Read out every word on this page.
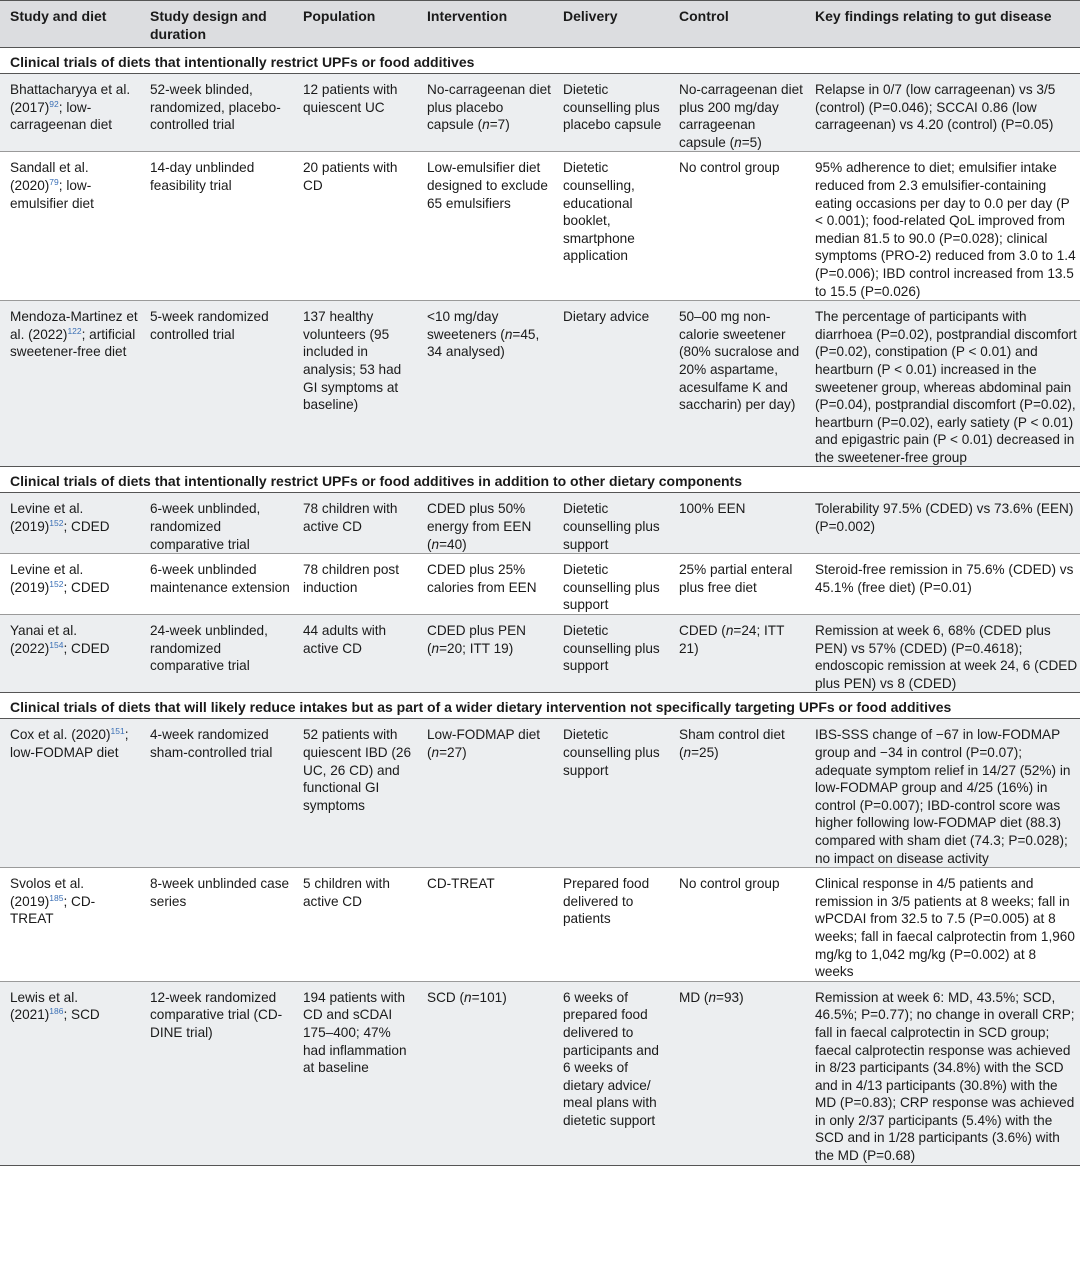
Study and diet	Study design and duration	Population	Intervention	Delivery	Control	Key findings relating to gut disease
Clinical trials of diets that intentionally restrict UPFs or food additives						
Bhattacharyya et al. (2017)$^{92}$; low-carrageenan diet	52-week blinded, randomized, placebo-controlled trial	12 patients with quiescent UC	No-carrageenan diet plus placebo capsule (n=7)	Dietetic counselling plus placebo capsule	No-carrageenan diet plus 200 mg/day carrageenan capsule (n=5)	Relapse in 0/7 (low carrageenan) vs 3/5 (control) (P=0.046); SCCAI 0.86 (low carrageenan) vs 4.20 (control) (P=0.05)
Sandall et al. (2020)$^{79}$; low-emulsifier diet	14-day unblinded feasibility trial	20 patients with CD	Low-emulsifier diet designed to exclude 65 emulsifiers	Dietetic counselling, educational booklet, smartphone application	No control group	95% adherence to diet; emulsifier intake reduced from 2.3 emulsifier-containing eating occasions per day to 0.0 per day (P < 0.001); food-related QoL improved from median 81.5 to 90.0 (P=0.028); clinical symptoms (PRO-2) reduced from 3.0 to 1.4 (P=0.006); IBD control increased from 13.5 to 15.5 (P=0.026)
Mendoza-Martinez et al. (2022)$^{122}$; artificial sweetener-free diet	5-week randomized controlled trial	137 healthy volunteers (95 included in analysis; 53 had GI symptoms at baseline)	<10 mg/day sweeteners (n=45, 34 analysed)	Dietary advice	50–00 mg non-calorie sweetener (80% sucralose and 20% aspartame, acesulfame K and saccharin) per day)	The percentage of participants with diarrhoea (P=0.02), postprandial discomfort (P=0.02), constipation (P < 0.01) and heartburn (P < 0.01) increased in the sweetener group, whereas abdominal pain (P=0.04), postprandial discomfort (P=0.02), heartburn (P=0.02), early satiety (P < 0.01) and epigastric pain (P < 0.01) decreased in the sweetener-free group
Clinical trials of diets that intentionally restrict UPFs or food additives in addition to other dietary components						
Levine et al. (2019)$^{152}$; CDED	6-week unblinded, randomized comparative trial	78 children with active CD	CDED plus 50% energy from EEN (n=40)	Dietetic counselling plus support	100% EEN	Tolerability 97.5% (CDED) vs 73.6% (EEN) (P=0.002)
Levine et al. (2019)$^{152}$; CDED	6-week unblinded maintenance extension	78 children post induction	CDED plus 25% calories from EEN	Dietetic counselling plus support	25% partial enteral plus free diet	Steroid-free remission in 75.6% (CDED) vs 45.1% (free diet) (P=0.01)
Yanai et al. (2022)$^{154}$; CDED	24-week unblinded, randomized comparative trial	44 adults with active CD	CDED plus PEN (n=20; ITT 19)	Dietetic counselling plus support	CDED (n=24; ITT 21)	Remission at week 6, 68% (CDED plus PEN) vs 57% (CDED) (P=0.4618); endoscopic remission at week 24, 6 (CDED plus PEN) vs 8 (CDED)
Clinical trials of diets that will likely reduce intakes but as part of a wider dietary intervention not specifically targeting UPFs or food additives						
Cox et al. (2020)$^{151}$; low-FODMAP diet	4-week randomized sham-controlled trial	52 patients with quiescent IBD (26 UC, 26 CD) and functional GI symptoms	Low-FODMAP diet (n=27)	Dietetic counselling plus support	Sham control diet (n=25)	IBS-SSS change of −67 in low-FODMAP group and −34 in control (P=0.07); adequate symptom relief in 14/27 (52%) in low-FODMAP group and 4/25 (16%) in control (P=0.007); IBD-control score was higher following low-FODMAP diet (88.3) compared with sham diet (74.3; P=0.028); no impact on disease activity
Svolos et al. (2019)$^{185}$; CD-TREAT	8-week unblinded case series	5 children with active CD	CD-TREAT	Prepared food delivered to patients	No control group	Clinical response in 4/5 patients and remission in 3/5 patients at 8 weeks; fall in wPCDAI from 32.5 to 7.5 (P=0.005) at 8 weeks; fall in faecal calprotectin from 1,960 mg/kg to 1,042 mg/kg (P=0.002) at 8 weeks
Lewis et al. (2021)$^{186}$; SCD	12-week randomized comparative trial (CD-DINE trial)	194 patients with CD and sCDAI 175–400; 47% had inflammation at baseline	SCD (n=101)	6 weeks of prepared food delivered to participants and 6 weeks of dietary advice/ meal plans with dietetic support	MD (n=93)	Remission at week 6: MD, 43.5%; SCD, 46.5%; P=0.77); no change in overall CRP; fall in faecal calprotectin in SCD group; faecal calprotectin response was achieved in 8/23 participants (34.8%) with the SCD and in 4/13 participants (30.8%) with the MD (P=0.83); CRP response was achieved in only 2/37 participants (5.4%) with the SCD and in 1/28 participants (3.6%) with the MD (P=0.68)
